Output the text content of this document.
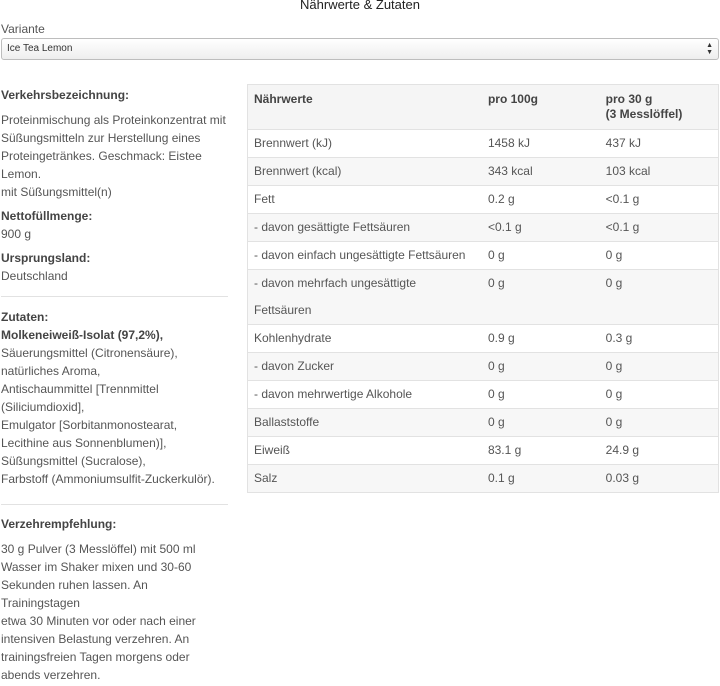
Nährwerte & Zutaten
Variante
Ice Tea Lemon	▲
▼
Verkehrsbezeichnung:
Proteinmischung als Proteinkonzentrat mit
Süßungsmitteln zur Herstellung eines
Proteingetränkes. Geschmack: Eistee
Lemon.
mit Süßungsmittel(n)
Nettofüllmenge:
900 g
Ursprungsland:
Deutschland
Zutaten:
Molkeneiweiß-Isolat (97,2%),
Säuerungsmittel (Citronensäure),
natürliches Aroma,
Antischaummittel [Trennmittel
(Siliciumdioxid],
Emulgator [Sorbitanmonostearat,
Lecithine aus Sonnenblumen)],
Süßungsmittel (Sucralose),
Farbstoff (Ammoniumsulfit-Zuckerkulör).
Verzehrempfehlung:
30 g Pulver (3 Messlöffel) mit 500 ml
Wasser im Shaker mixen und 30-60
Sekunden ruhen lassen. An Trainingstagen
etwa 30 Minuten vor oder nach einer
intensiven Belastung verzehren. An
trainingsfreien Tagen morgens oder
abends verzehren.
Nährwerte	pro 100g	pro 30 g
(3 Messlöffel)

Brennwert (kJ)	1458 kJ	437 kJ
Brennwert (kcal)	343 kcal	103 kcal
Fett	0.2 g	<0.1 g
- davon gesättigte Fettsäuren	<0.1 g	<0.1 g
- davon einfach ungesättigte Fettsäuren	0 g	0 g
- davon mehrfach ungesättigte Fettsäuren	0 g	0 g
Kohlenhydrate	0.9 g	0.3 g
- davon Zucker	0 g	0 g
- davon mehrwertige Alkohole	0 g	0 g
Ballaststoffe	0 g	0 g
Eiweiß	83.1 g	24.9 g
Salz	0.1 g	0.03 g
